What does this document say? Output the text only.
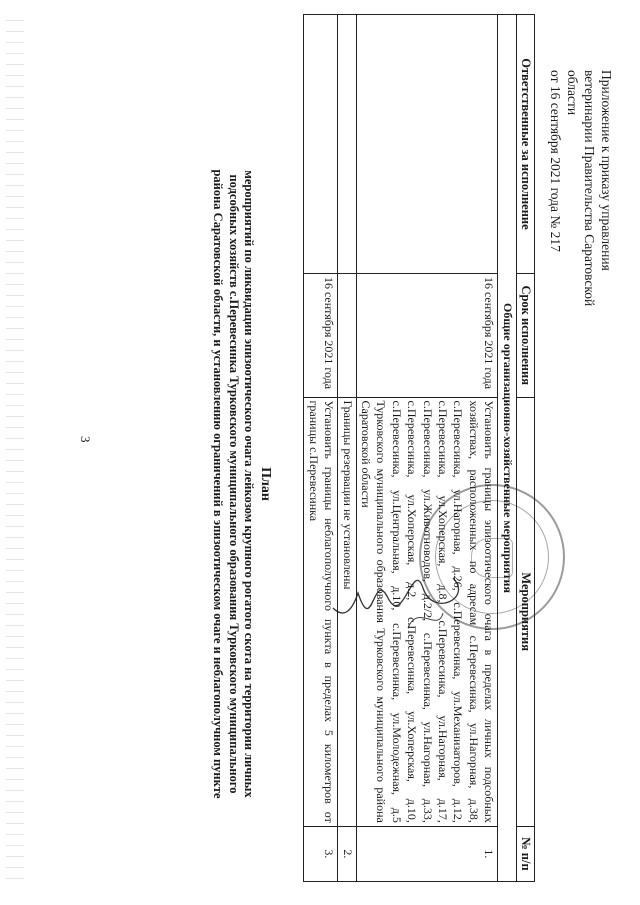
3
Приложение к приказу управления
ветеринарии Правительства Саратовской
области
от 16 сентября 2021 года № 217
План
мероприятий по ликвидации эпизоотического очага лейкозом крупного рогатого скота на территории личных
подсобных хозяйств с.Перевесинка Турковского муниципального образования Турковского муниципального
района Саратовской области, и установлению ограничений в эпизоотическом очаге и неблагополучном пункте
Ответственные за исполнение	Срок исполнения	Мероприятия	№ п/п
Общие организационно-хозяйственные мероприятия			
	16 сентября 2021 года	Установить границы эпизоотического очага в пределах личных подсобных хозяйствах, расположенных по адресам с.Перевесинка, ул.Нагорная, д.38, с.Перевесинка, ул.Нагорная, д.26, с.Перевесинка, ул.Механизаторов, д.12, с.Перевесинка, ул.Хоперская, д.8, с.Перевесинка, ул.Нагорная, д.17, с.Перевесинка, ул.Животноводов, д.2/2, с.Перевесинка, ул.Нагорная, д.33, с.Перевесинка, ул.Хоперская, д.2, с.Перевесинка, ул.Хоперская, д.10, с.Перевесинка, ул.Центральная, д.10, с.Перевесинка, ул.Молодежная, д.5 Турковского муниципального образования Турковского муниципального района Саратовской области	1.
		Границы резервации не установлены	2.
	16 сентября 2021 года	Установить границы неблагополучного пункта в пределах 5 километров от границы с.Перевесинка	3.
